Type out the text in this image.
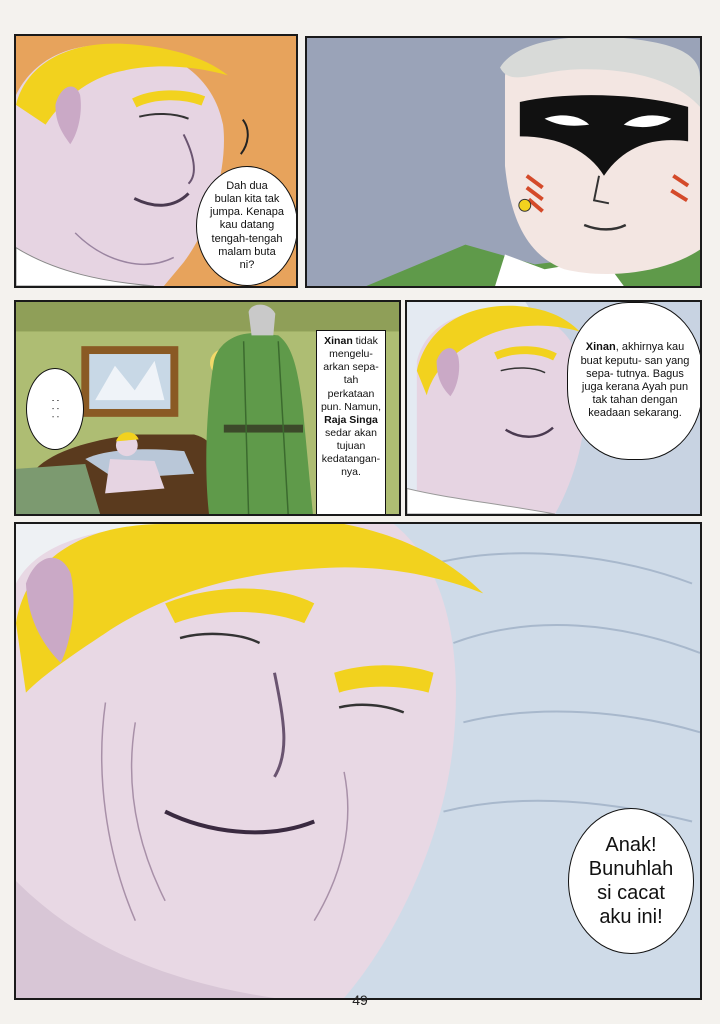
Dah dua
bulan kita tak
jumpa. Kenapa
kau datang
tengah-tengah
malam buta
ni?
: : :
Xinan tidak mengelu- arkan sepa- tah perkataan pun. Namun, Raja Singa sedar akan tujuan kedatangan- nya.
Xinan, akhirnya kau buat keputu- san yang sepa- tutnya. Bagus juga kerana Ayah pun tak tahan dengan keadaan sekarang.
Anak!
Bunuhlah
si cacat
aku ini!
49
